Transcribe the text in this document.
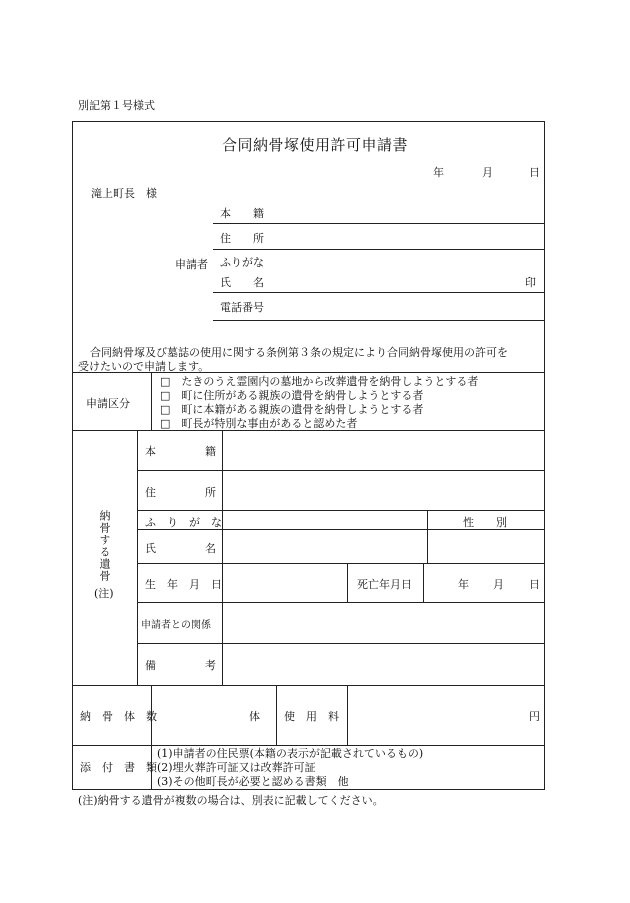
別記第１号様式
合同納骨塚使用許可申請書
年	月	日
滝上町長　様
申請者
本　　籍
住　　所
ふりがな
氏　　名	印
電話番号
合同納骨塚及び墓誌の使用に関する条例第３条の規定により合同納骨塚使用の許可を
受けたいので申請します。
申請区分
□　たきのうえ霊園内の墓地から改葬遺骨を納骨しようとする者
□　町に住所がある親族の遺骨を納骨しようとする者
□　町に本籍がある親族の遺骨を納骨しようとする者
□　町長が特別な事由があると認めた者
納骨する遺骨
(注)
本	籍
住	所
ふ　り　が　な	性　　別
氏	名
生　年　月　日	死亡年月日	年 月 日
申請者との関係
備	考
納　骨　体　数	体 使　用　料	円
添　付　書　類
(1)申請者の住民票(本籍の表示が記載されているもの)
(2)埋火葬許可証又は改葬許可証
(3)その他町長が必要と認める書類　他
(注)納骨する遺骨が複数の場合は、別表に記載してください。
